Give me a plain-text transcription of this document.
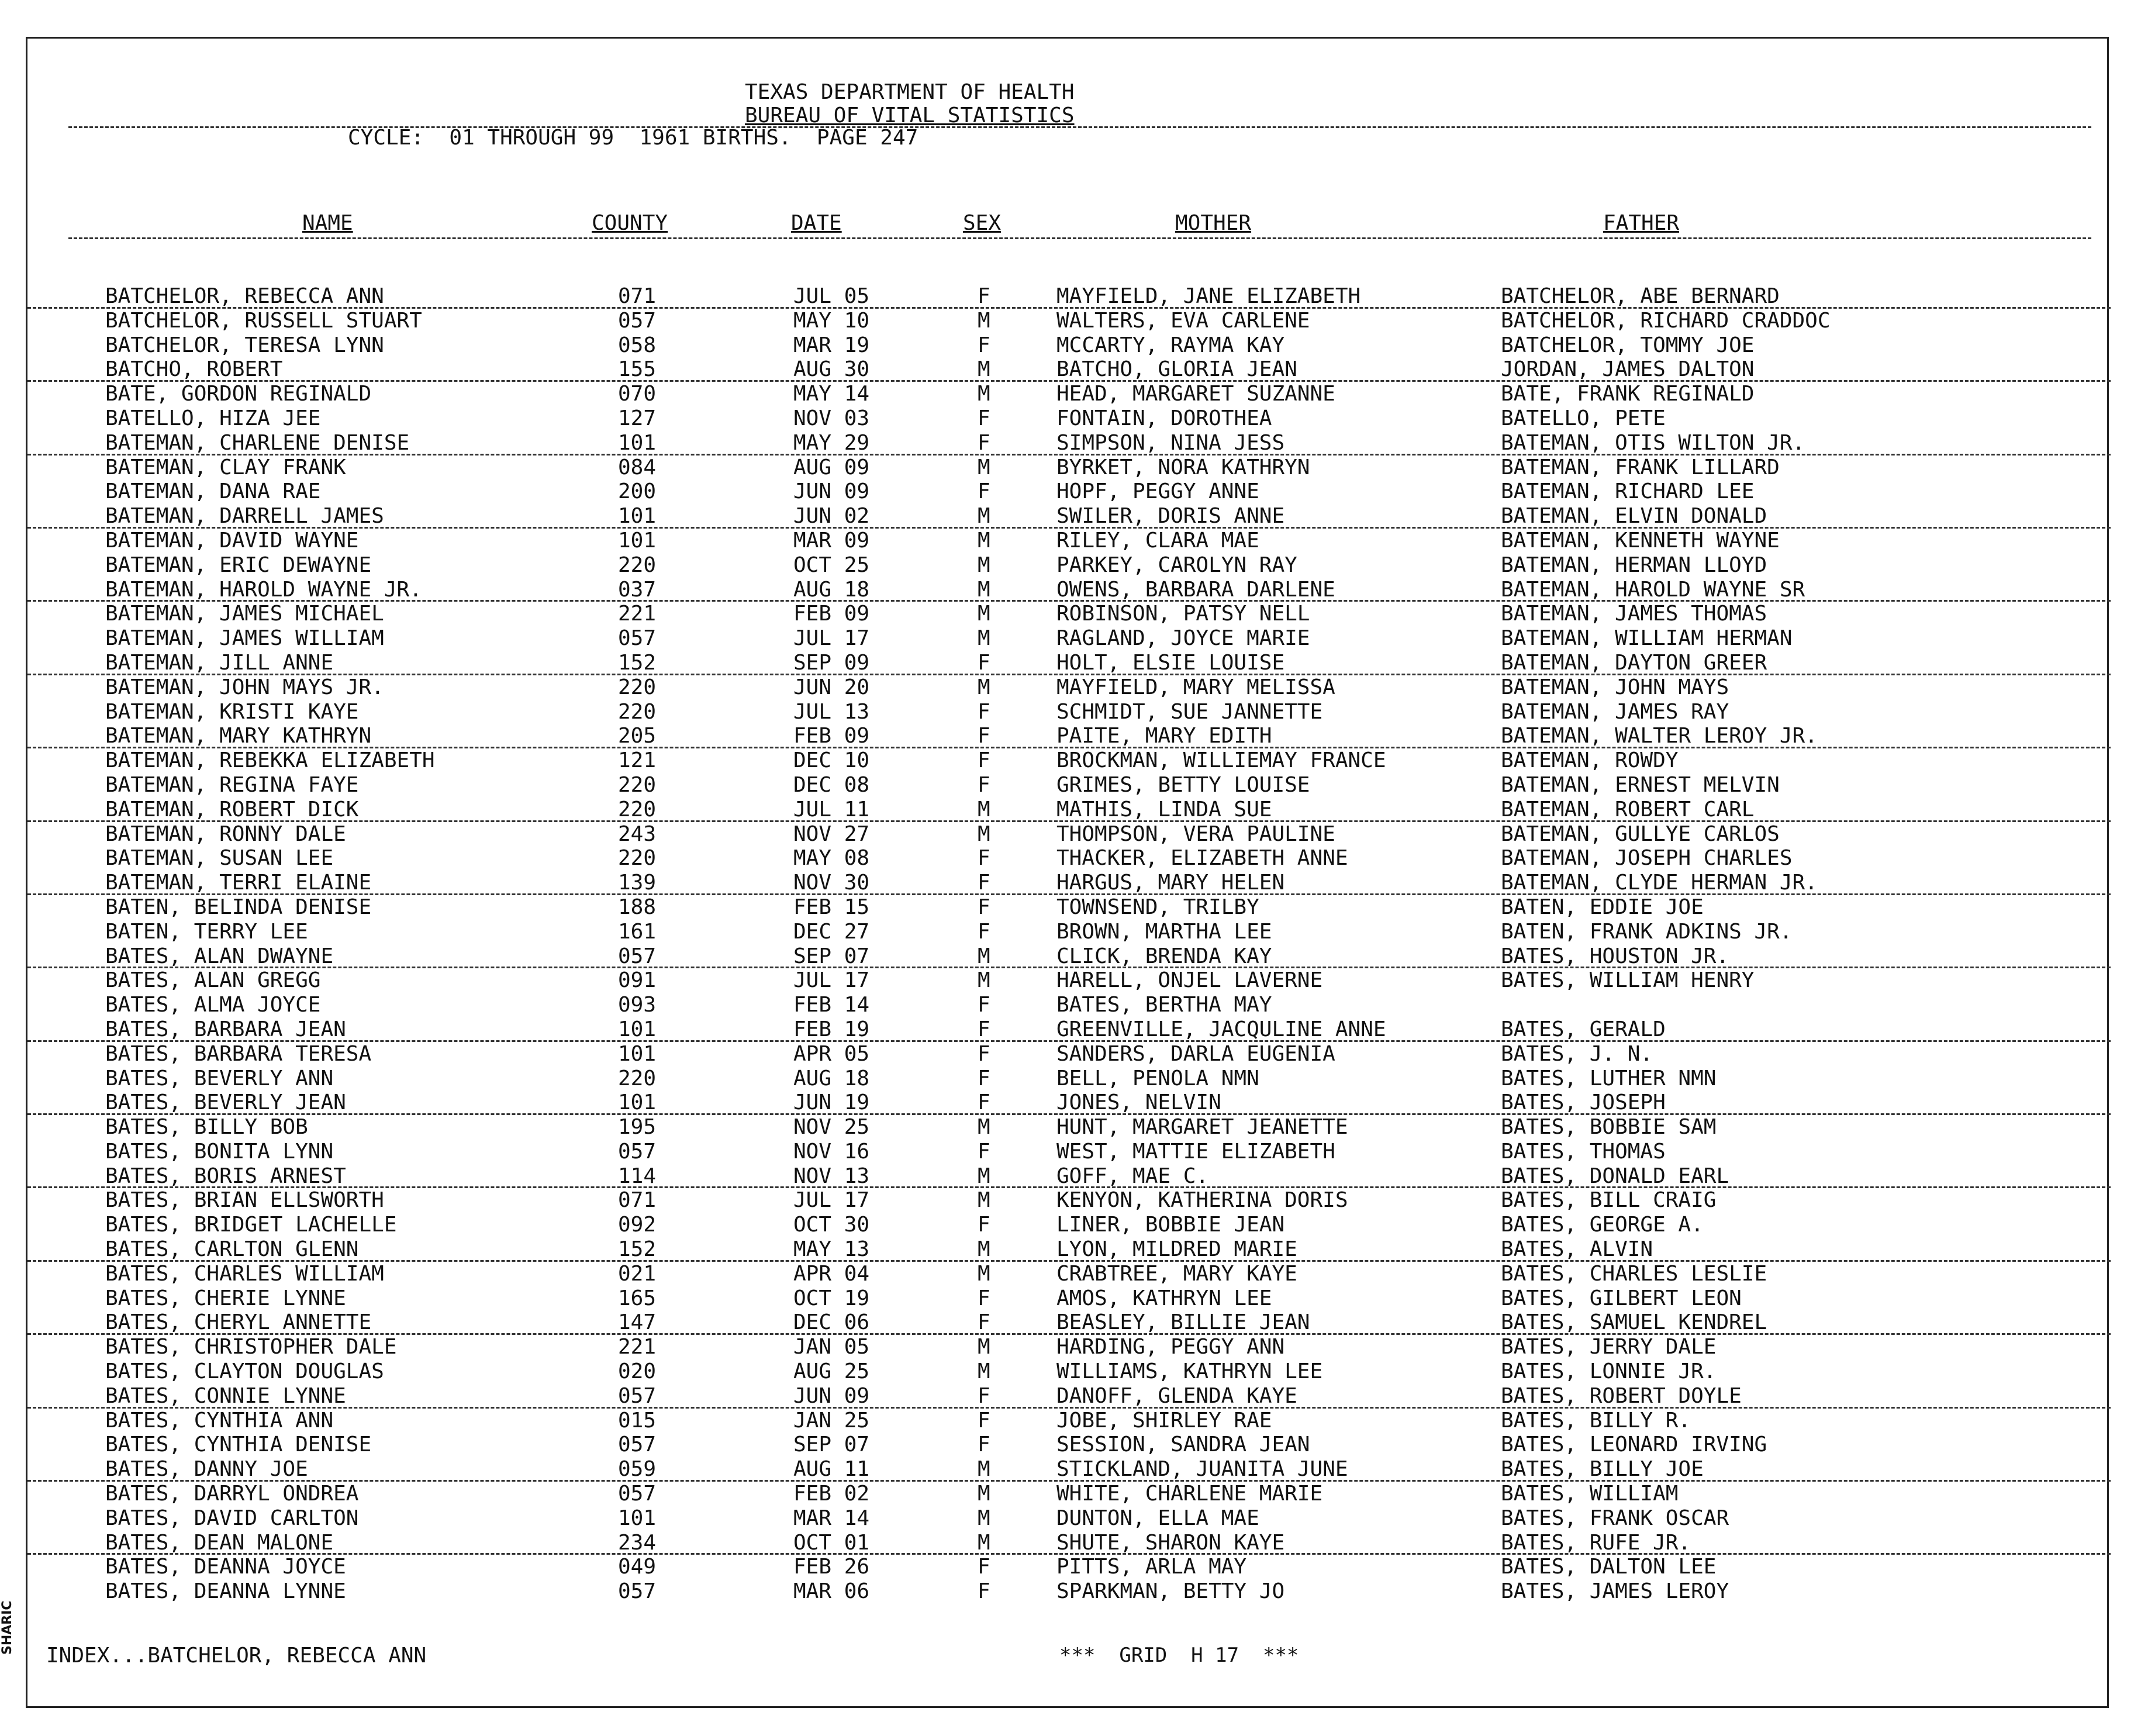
TEXAS DEPARTMENT OF HEALTH
BUREAU OF VITAL STATISTICS
CYCLE:  01 THROUGH 99  1961 BIRTHS.  PAGE 247
NAME	COUNTY	DATE	SEX	MOTHER	FATHER
BATCHELOR, REBECCA ANN	071	JUL 05	F	MAYFIELD, JANE ELIZABETH	BATCHELOR, ABE BERNARD
BATCHELOR, RUSSELL STUART	057	MAY 10	M	WALTERS, EVA CARLENE	BATCHELOR, RICHARD CRADDOC
BATCHELOR, TERESA LYNN	058	MAR 19	F	MCCARTY, RAYMA KAY	BATCHELOR, TOMMY JOE
BATCHO, ROBERT	155	AUG 30	M	BATCHO, GLORIA JEAN	JORDAN, JAMES DALTON
BATE, GORDON REGINALD	070	MAY 14	M	HEAD, MARGARET SUZANNE	BATE, FRANK REGINALD
BATELLO, HIZA JEE	127	NOV 03	F	FONTAIN, DOROTHEA	BATELLO, PETE
BATEMAN, CHARLENE DENISE	101	MAY 29	F	SIMPSON, NINA JESS	BATEMAN, OTIS WILTON JR.
BATEMAN, CLAY FRANK	084	AUG 09	M	BYRKET, NORA KATHRYN	BATEMAN, FRANK LILLARD
BATEMAN, DANA RAE	200	JUN 09	F	HOPF, PEGGY ANNE	BATEMAN, RICHARD LEE
BATEMAN, DARRELL JAMES	101	JUN 02	M	SWILER, DORIS ANNE	BATEMAN, ELVIN DONALD
BATEMAN, DAVID WAYNE	101	MAR 09	M	RILEY, CLARA MAE	BATEMAN, KENNETH WAYNE
BATEMAN, ERIC DEWAYNE	220	OCT 25	M	PARKEY, CAROLYN RAY	BATEMAN, HERMAN LLOYD
BATEMAN, HAROLD WAYNE JR.	037	AUG 18	M	OWENS, BARBARA DARLENE	BATEMAN, HAROLD WAYNE SR
BATEMAN, JAMES MICHAEL	221	FEB 09	M	ROBINSON, PATSY NELL	BATEMAN, JAMES THOMAS
BATEMAN, JAMES WILLIAM	057	JUL 17	M	RAGLAND, JOYCE MARIE	BATEMAN, WILLIAM HERMAN
BATEMAN, JILL ANNE	152	SEP 09	F	HOLT, ELSIE LOUISE	BATEMAN, DAYTON GREER
BATEMAN, JOHN MAYS JR.	220	JUN 20	M	MAYFIELD, MARY MELISSA	BATEMAN, JOHN MAYS
BATEMAN, KRISTI KAYE	220	JUL 13	F	SCHMIDT, SUE JANNETTE	BATEMAN, JAMES RAY
BATEMAN, MARY KATHRYN	205	FEB 09	F	PAITE, MARY EDITH	BATEMAN, WALTER LEROY JR.
BATEMAN, REBEKKA ELIZABETH	121	DEC 10	F	BROCKMAN, WILLIEMAY FRANCE	BATEMAN, ROWDY
BATEMAN, REGINA FAYE	220	DEC 08	F	GRIMES, BETTY LOUISE	BATEMAN, ERNEST MELVIN
BATEMAN, ROBERT DICK	220	JUL 11	M	MATHIS, LINDA SUE	BATEMAN, ROBERT CARL
BATEMAN, RONNY DALE	243	NOV 27	M	THOMPSON, VERA PAULINE	BATEMAN, GULLYE CARLOS
BATEMAN, SUSAN LEE	220	MAY 08	F	THACKER, ELIZABETH ANNE	BATEMAN, JOSEPH CHARLES
BATEMAN, TERRI ELAINE	139	NOV 30	F	HARGUS, MARY HELEN	BATEMAN, CLYDE HERMAN JR.
BATEN, BELINDA DENISE	188	FEB 15	F	TOWNSEND, TRILBY	BATEN, EDDIE JOE
BATEN, TERRY LEE	161	DEC 27	F	BROWN, MARTHA LEE	BATEN, FRANK ADKINS JR.
BATES, ALAN DWAYNE	057	SEP 07	M	CLICK, BRENDA KAY	BATES, HOUSTON JR.
BATES, ALAN GREGG	091	JUL 17	M	HARELL, ONJEL LAVERNE	BATES, WILLIAM HENRY
BATES, ALMA JOYCE	093	FEB 14	F	BATES, BERTHA MAY
BATES, BARBARA JEAN	101	FEB 19	F	GREENVILLE, JACQULINE ANNE	BATES, GERALD
BATES, BARBARA TERESA	101	APR 05	F	SANDERS, DARLA EUGENIA	BATES, J. N.
BATES, BEVERLY ANN	220	AUG 18	F	BELL, PENOLA NMN	BATES, LUTHER NMN
BATES, BEVERLY JEAN	101	JUN 19	F	JONES, NELVIN	BATES, JOSEPH
BATES, BILLY BOB	195	NOV 25	M	HUNT, MARGARET JEANETTE	BATES, BOBBIE SAM
BATES, BONITA LYNN	057	NOV 16	F	WEST, MATTIE ELIZABETH	BATES, THOMAS
BATES, BORIS ARNEST	114	NOV 13	M	GOFF, MAE C.	BATES, DONALD EARL
BATES, BRIAN ELLSWORTH	071	JUL 17	M	KENYON, KATHERINA DORIS	BATES, BILL CRAIG
BATES, BRIDGET LACHELLE	092	OCT 30	F	LINER, BOBBIE JEAN	BATES, GEORGE A.
BATES, CARLTON GLENN	152	MAY 13	M	LYON, MILDRED MARIE	BATES, ALVIN
BATES, CHARLES WILLIAM	021	APR 04	M	CRABTREE, MARY KAYE	BATES, CHARLES LESLIE
BATES, CHERIE LYNNE	165	OCT 19	F	AMOS, KATHRYN LEE	BATES, GILBERT LEON
BATES, CHERYL ANNETTE	147	DEC 06	F	BEASLEY, BILLIE JEAN	BATES, SAMUEL KENDREL
BATES, CHRISTOPHER DALE	221	JAN 05	M	HARDING, PEGGY ANN	BATES, JERRY DALE
BATES, CLAYTON DOUGLAS	020	AUG 25	M	WILLIAMS, KATHRYN LEE	BATES, LONNIE JR.
BATES, CONNIE LYNNE	057	JUN 09	F	DANOFF, GLENDA KAYE	BATES, ROBERT DOYLE
BATES, CYNTHIA ANN	015	JAN 25	F	JOBE, SHIRLEY RAE	BATES, BILLY R.
BATES, CYNTHIA DENISE	057	SEP 07	F	SESSION, SANDRA JEAN	BATES, LEONARD IRVING
BATES, DANNY JOE	059	AUG 11	M	STICKLAND, JUANITA JUNE	BATES, BILLY JOE
BATES, DARRYL ONDREA	057	FEB 02	M	WHITE, CHARLENE MARIE	BATES, WILLIAM
BATES, DAVID CARLTON	101	MAR 14	M	DUNTON, ELLA MAE	BATES, FRANK OSCAR
BATES, DEAN MALONE	234	OCT 01	M	SHUTE, SHARON KAYE	BATES, RUFE JR.
BATES, DEANNA JOYCE	049	FEB 26	F	PITTS, ARLA MAY	BATES, DALTON LEE
BATES, DEANNA LYNNE	057	MAR 06	F	SPARKMAN, BETTY JO	BATES, JAMES LEROY
INDEX...BATCHELOR, REBECCA ANN	***  GRID  H 17  ***
SHARIC
